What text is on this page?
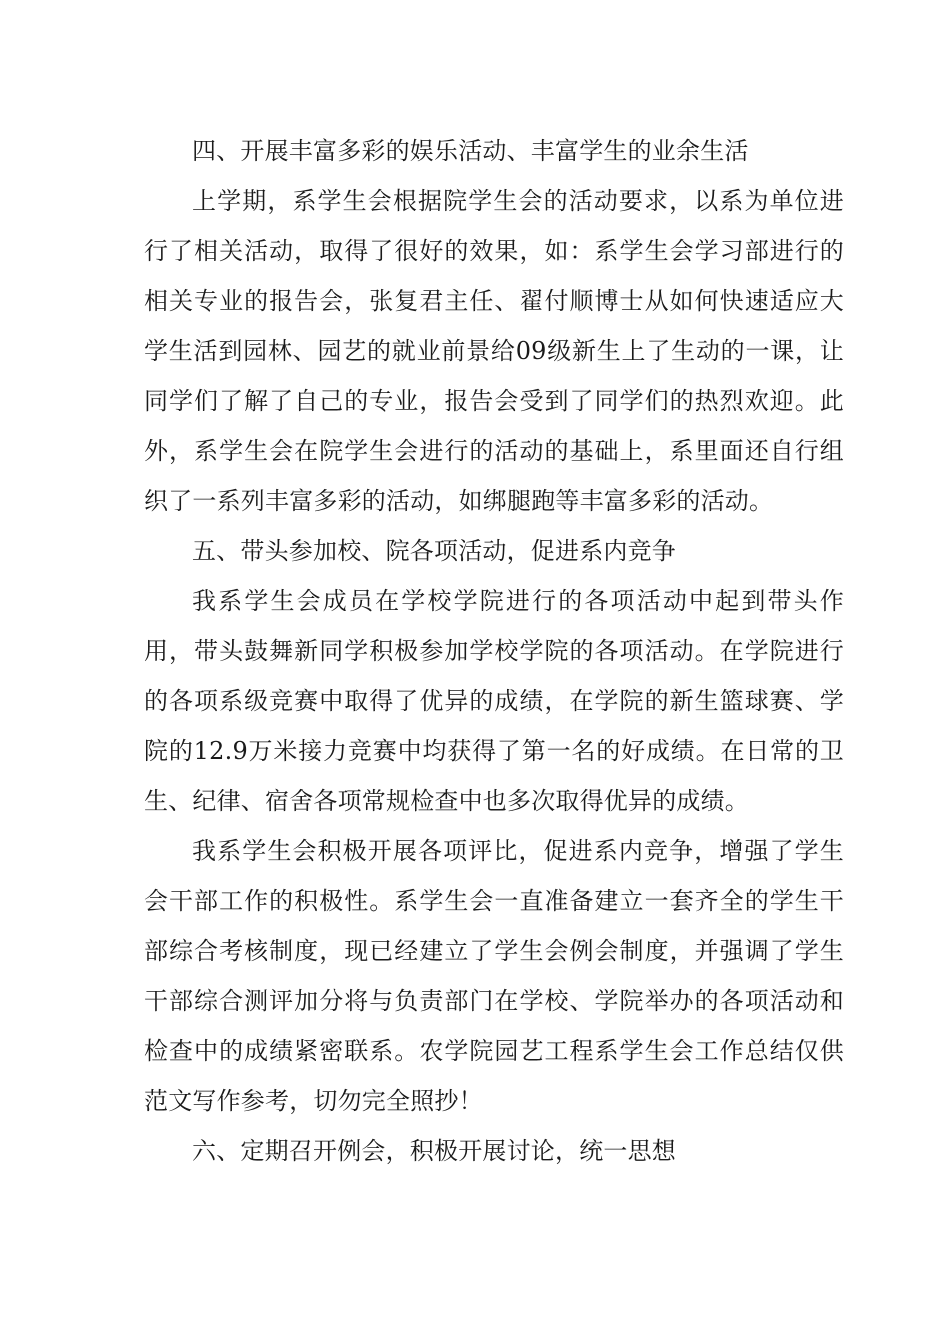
四、开展丰富多彩的娱乐活动、丰富学生的业余生活

上学期，系学生会根据院学生会的活动要求，以系为单位进行了相关活动，取得了很好的效果，如：系学生会学习部进行的相关专业的报告会，张复君主任、翟付顺博士从如何快速适应大学生活到园林、园艺的就业前景给09级新生上了生动的一课，让同学们了解了自己的专业，报告会受到了同学们的热烈欢迎。此外，系学生会在院学生会进行的活动的基础上，系里面还自行组织了一系列丰富多彩的活动，如绑腿跑等丰富多彩的活动。

五、带头参加校、院各项活动，促进系内竞争

我系学生会成员在学校学院进行的各项活动中起到带头作用，带头鼓舞新同学积极参加学校学院的各项活动。在学院进行的各项系级竞赛中取得了优异的成绩，在学院的新生篮球赛、学院的12.9万米接力竞赛中均获得了第一名的好成绩。在日常的卫生、纪律、宿舍各项常规检查中也多次取得优异的成绩。

我系学生会积极开展各项评比，促进系内竞争，增强了学生会干部工作的积极性。系学生会一直准备建立一套齐全的学生干部综合考核制度，现已经建立了学生会例会制度，并强调了学生干部综合测评加分将与负责部门在学校、学院举办的各项活动和检查中的成绩紧密联系。农学院园艺工程系学生会工作总结仅供范文写作参考，切勿完全照抄！

六、定期召开例会，积极开展讨论，统一思想
